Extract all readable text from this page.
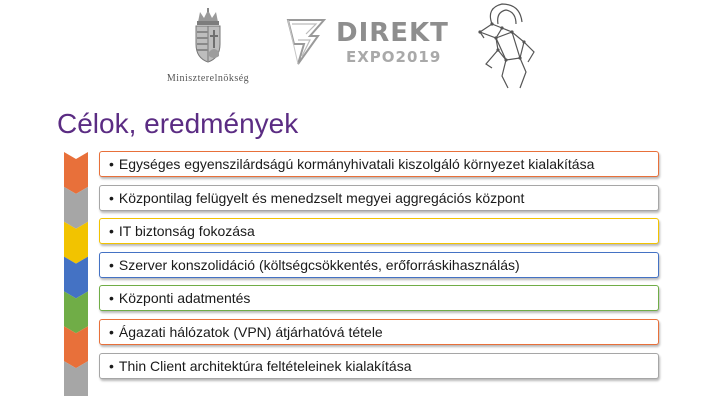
Miniszterelnökség
DIREKT
EXPO2019
Célok, eredmények
• Egységes egyenszilárdságú kormányhivatali kiszolgáló környezet kialakítása
• Központilag felügyelt és menedzselt megyei aggregációs központ
• IT biztonság fokozása
• Szerver konszolidáció (költségcsökkentés, erőforráskihasználás)
• Központi adatmentés
• Ágazati hálózatok (VPN) átjárhatóvá tétele
• Thin Client architektúra feltételeinek kialakítása
